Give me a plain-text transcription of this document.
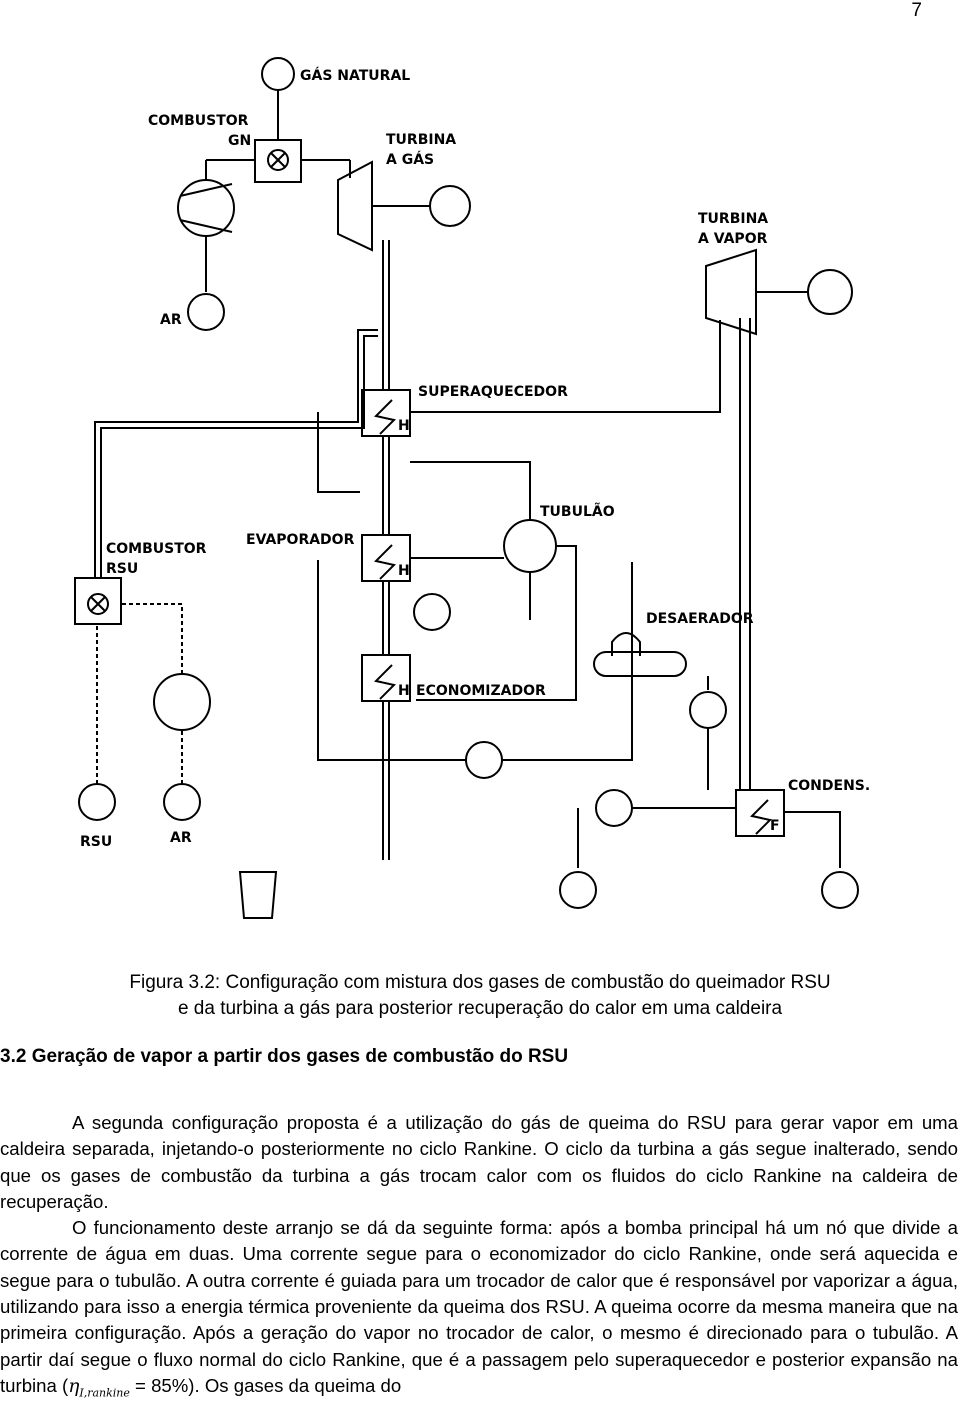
7
GÁS NATURAL
COMBUSTOR
GN	TURBINA
A GÁS
TURBINA
A VAPOR
AR
SUPERAQUECEDOR
TUBULÃO
EVAPORADOR
COMBUSTOR
RSU
DESAERADOR
ECONOMIZADOR
CONDENS.
RSU	AR
H
H
H
F
Figura 3.2: Configuração com mistura dos gases de combustão do queimador RSU
e da turbina a gás para posterior recuperação do calor em uma caldeira
3.2 Geração de vapor a partir dos gases de combustão do RSU

A segunda configuração proposta é a utilização do gás de queima do RSU para gerar vapor em uma caldeira separada, injetando-o posteriormente no ciclo Rankine. O ciclo da turbina a gás segue inalterado, sendo que os gases de combustão da turbina a gás trocam calor com os fluidos do ciclo Rankine na caldeira de recuperação.

O funcionamento deste arranjo se dá da seguinte forma: após a bomba principal há um nó que divide a corrente de água em duas. Uma corrente segue para o economizador do ciclo Rankine, onde será aquecida e segue para o tubulão. A outra corrente é guiada para um trocador de calor que é responsável por vaporizar a água, utilizando para isso a energia térmica proveniente da queima dos RSU. A queima ocorre da mesma maneira que na primeira configuração. Após a geração do vapor no trocador de calor, o mesmo é direcionado para o tubulão. A partir daí segue o fluxo normal do ciclo Rankine, que é a passagem pelo superaquecedor e posterior expansão na turbina $(\eta_{I,rankine} = 85\%)$. Os gases da queima do
